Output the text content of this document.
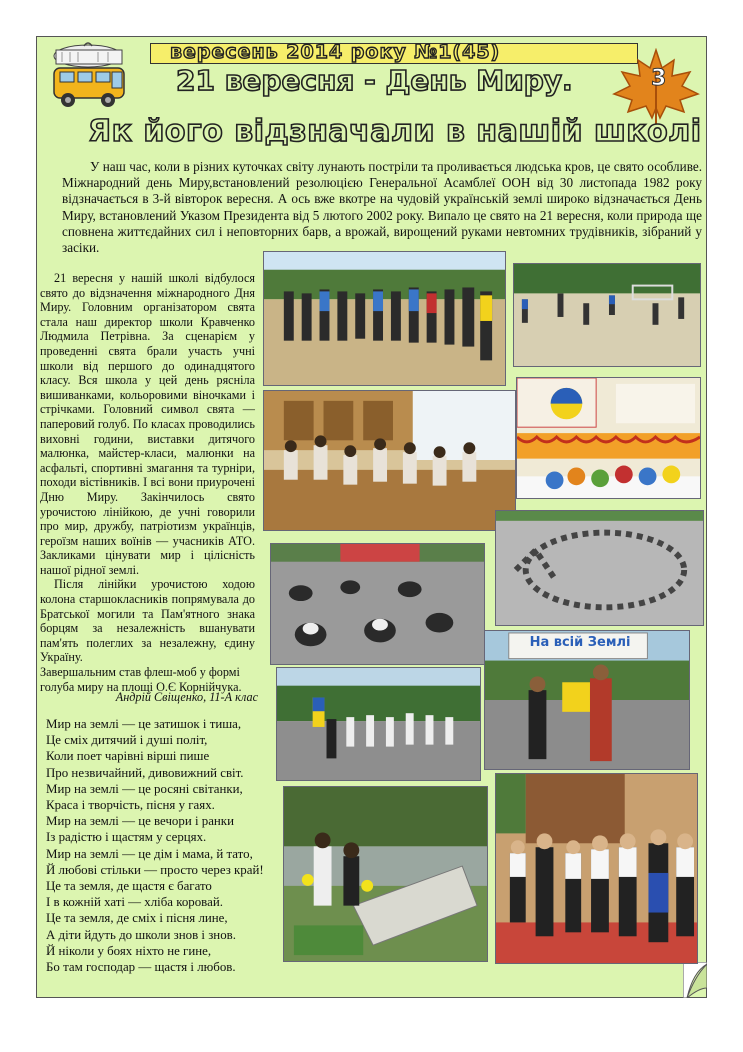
вересень 2014 року №1(45)
3
21 вересня - День Миру.
Як його відзначали в нашій школі
У наш час, коли в різних куточках світу лунають постріли та проливається людська кров, це свято особливе. Міжнародний день Миру,встановлений резолюцією Генеральної Асамблеї ООН від 30 листопада 1982 року відзначається в 3-й вівторок вересня. А ось вже вкотре на чудовій українській землі широко відзначається День Миру, встановлений Указом Президента від 5 лютого 2002 року. Випало це свято на 21 вересня, коли природа ще сповнена життєдайних сил і неповторних барв, а врожай, вирощений руками невтомних трудівників, зібраний у засіки.

21 вересня у нашій школі відбулося свято до відзначення міжнародного Дня Миру. Головним організатором свята стала наш директор школи Кравченко Людмила Петрівна. За сценарієм у проведенні свята брали участь учні школи від першого до одинадцятого класу. Вся школа у цей день рясніла вишиванками, кольоровими віночками і стрічками. Головний символ свята — паперовий голуб. По класах проводились виховні години, виставки дитячого малюнка, майстер-класи, малюнки на асфальті, спортивні змагання та турніри, походи вістівників. І всі вони приурочені Дню Миру. Закінчилось свято урочистою лінійкою, де учні говорили про мир, дружбу, патріотизм українців, героїзм наших воїнів — учасників АТО. Закликами цінувати мир і цілісність нашої рідної землі.

Після лінійки урочистою ходою колона старшокласників попрямувала до Братської могили та Пам'ятного знака борцям за незалежність вшанувати пам'ять полеглих за незалежну, єдину Україну.

Завершальним став флеш-моб у формі голуба миру на площі О.Є Корнійчука.

Андрій Свіщенко, 11-А клас
Мир на землі — це затишок і тиша,
Це сміх дитячий і душі політ,
Коли поет чарівні вірші пише
Про незвичайний, дивовижний світ.
Мир на землі — це росяні світанки,
Краса і творчість, пісня у гаях.
Мир на землі — це вечори і ранки
Із радістю і щастям у серцях.
Мир на землі — це дім і мама, й тато,
Й любові стільки — просто через край!
Це та земля, де щастя є багато
І в кожній хаті — хліба коровай.
Це та земля, де сміх і пісня лине,
А діти йдуть до школи знов і знов.
Й ніколи у боях ніхто не гине,
Бо там господар — щастя і любов.
На всій Землі
